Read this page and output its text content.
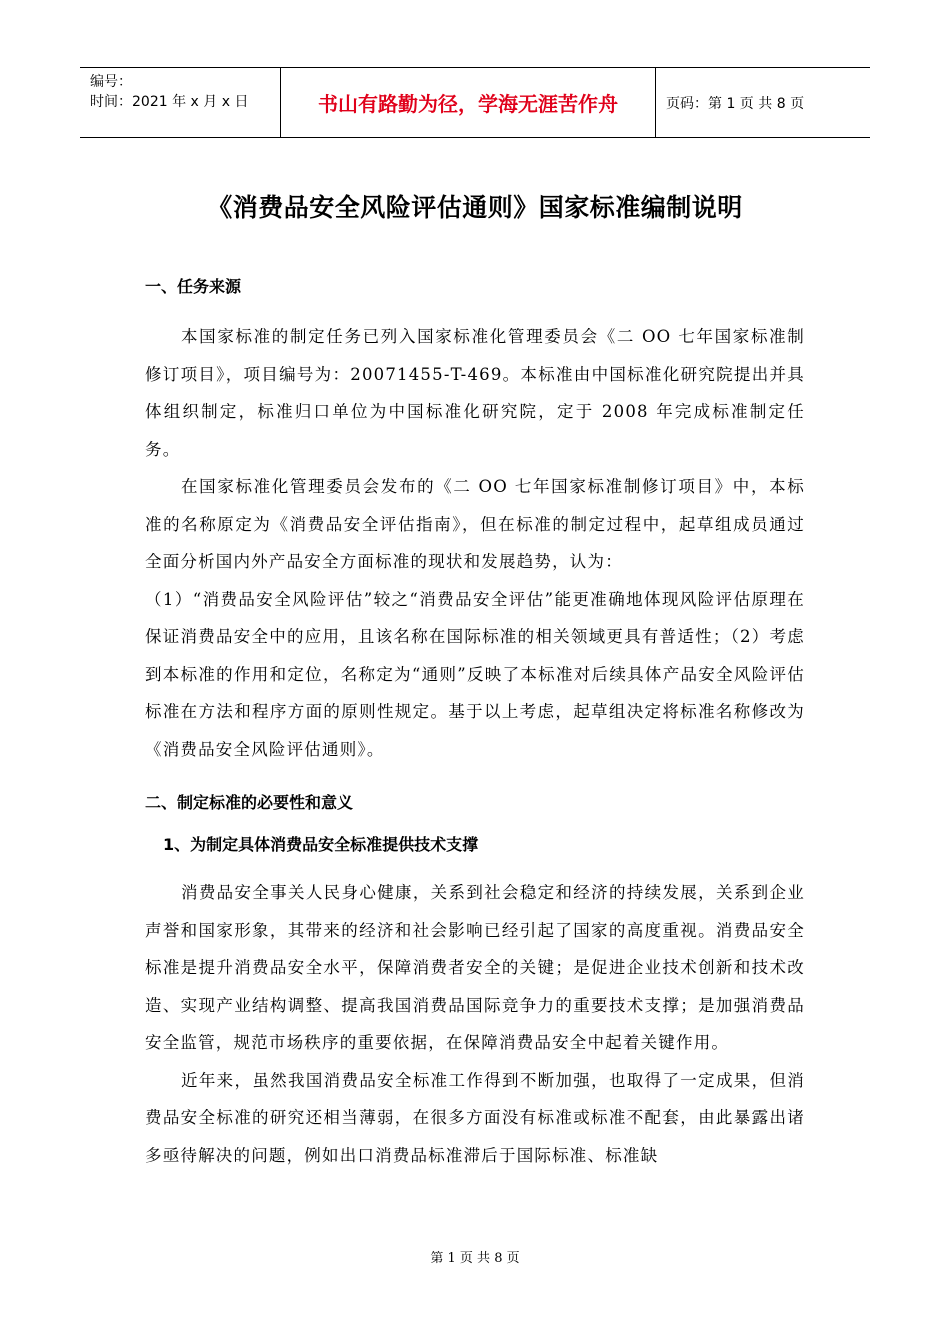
编号：
时间：2021 年 x 月 x 日	书山有路勤为径，学海无涯苦作舟	页码：第 1 页 共 8 页
《消费品安全风险评估通则》国家标准编制说明
一、任务来源

本国家标准的制定任务已列入国家标准化管理委员会《二 OO 七年国家标准制修订项目》，项目编号为：20071455-T-469。本标准由中国标准化研究院提出并具体组织制定，标准归口单位为中国标准化研究院，定于 2008 年完成标准制定任务。

在国家标准化管理委员会发布的《二 OO 七年国家标准制修订项目》中，本标准的名称原定为《消费品安全评估指南》，但在标准的制定过程中，起草组成员通过全面分析国内外产品安全方面标准的现状和发展趋势，认为：

（1）“消费品安全风险评估”较之“消费品安全评估”能更准确地体现风险评估原理在保证消费品安全中的应用，且该名称在国际标准的相关领域更具有普适性；（2）考虑到本标准的作用和定位，名称定为“通则”反映了本标准对后续具体产品安全风险评估标准在方法和程序方面的原则性规定。基于以上考虑，起草组决定将标准名称修改为《消费品安全风险评估通则》。

二、制定标准的必要性和意义
1、为制定具体消费品安全标准提供技术支撑

消费品安全事关人民身心健康，关系到社会稳定和经济的持续发展，关系到企业声誉和国家形象，其带来的经济和社会影响已经引起了国家的高度重视。消费品安全标准是提升消费品安全水平，保障消费者安全的关键；是促进企业技术创新和技术改造、实现产业结构调整、提高我国消费品国际竞争力的重要技术支撑；是加强消费品安全监管，规范市场秩序的重要依据，在保障消费品安全中起着关键作用。

近年来，虽然我国消费品安全标准工作得到不断加强，也取得了一定成果，但消费品安全标准的研究还相当薄弱，在很多方面没有标准或标准不配套，由此暴露出诸多亟待解决的问题，例如出口消费品标准滞后于国际标准、标准缺

第 1 页 共 8 页
